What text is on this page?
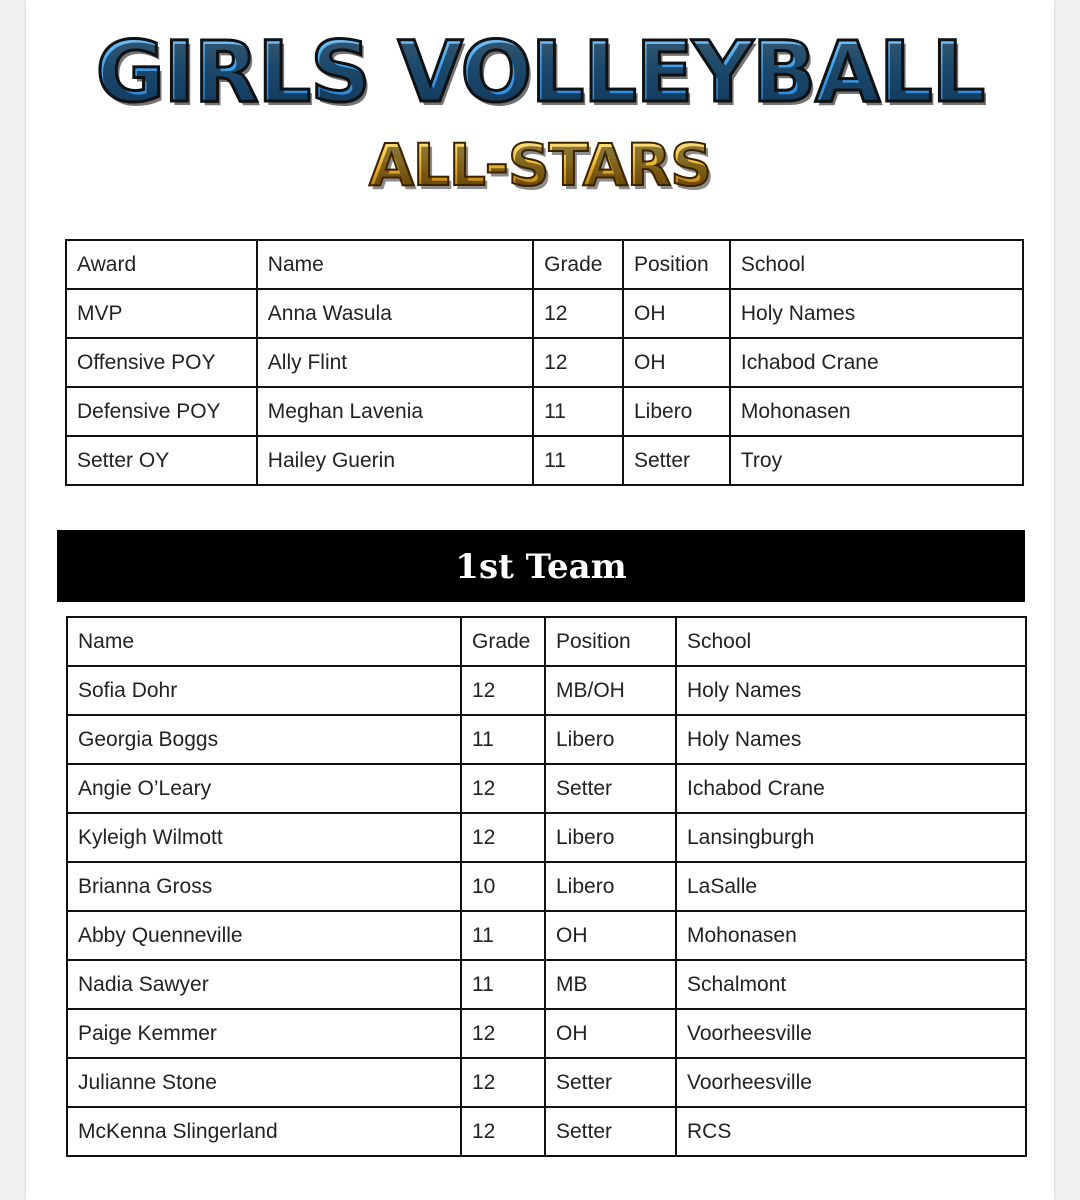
GIRLS VOLLEYBALL
ALL-STARS
Award	Name	Grade	Position	School
MVP	Anna Wasula	12	OH	Holy Names
Offensive POY	Ally Flint	12	OH	Ichabod Crane
Defensive POY	Meghan Lavenia	11	Libero	Mohonasen
Setter OY	Hailey Guerin	11	Setter	Troy
1st Team
Name	Grade	Position	School
Sofia Dohr	12	MB/OH	Holy Names
Georgia Boggs	11	Libero	Holy Names
Angie O’Leary	12	Setter	Ichabod Crane
Kyleigh Wilmott	12	Libero	Lansingburgh
Brianna Gross	10	Libero	LaSalle
Abby Quenneville	11	OH	Mohonasen
Nadia Sawyer	11	MB	Schalmont
Paige Kemmer	12	OH	Voorheesville
Julianne Stone	12	Setter	Voorheesville
McKenna Slingerland	12	Setter	RCS
